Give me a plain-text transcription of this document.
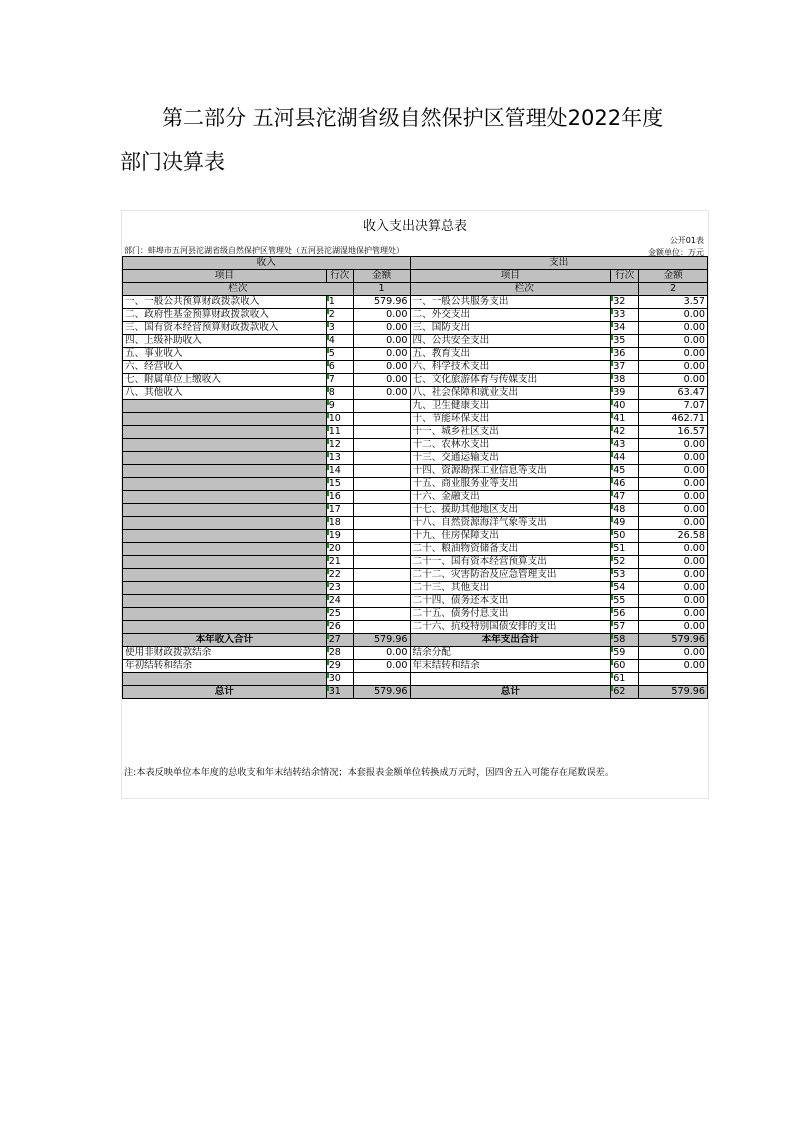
第二部分 五河县沱湖省级自然保护区管理处2022年度
部门决算表
收入支出决算总表
公开01表
部门：蚌埠市五河县沱湖省级自然保护区管理处（五河县沱湖湿地保护管理处）	金额单位：万元
收入			支出		
项目	行次	金额	项目	行次	金额
栏次		1	栏次		2
一、一般公共预算财政拨款收入	1	579.96	一、一般公共服务支出	32	3.57
二、政府性基金预算财政拨款收入	2	0.00	二、外交支出	33	0.00
三、国有资本经营预算财政拨款收入	3	0.00	三、国防支出	34	0.00
四、上级补助收入	4	0.00	四、公共安全支出	35	0.00
五、事业收入	5	0.00	五、教育支出	36	0.00
六、经营收入	6	0.00	六、科学技术支出	37	0.00
七、附属单位上缴收入	7	0.00	七、文化旅游体育与传媒支出	38	0.00
八、其他收入	8	0.00	八、社会保障和就业支出	39	63.47
	9		九、卫生健康支出	40	7.07
	10		十、节能环保支出	41	462.71
	11		十一、城乡社区支出	42	16.57
	12		十二、农林水支出	43	0.00
	13		十三、交通运输支出	44	0.00
	14		十四、资源勘探工业信息等支出	45	0.00
	15		十五、商业服务业等支出	46	0.00
	16		十六、金融支出	47	0.00
	17		十七、援助其他地区支出	48	0.00
	18		十八、自然资源海洋气象等支出	49	0.00
	19		十九、住房保障支出	50	26.58
	20		二十、粮油物资储备支出	51	0.00
	21		二十一、国有资本经营预算支出	52	0.00
	22		二十二、灾害防治及应急管理支出	53	0.00
	23		二十三、其他支出	54	0.00
	24		二十四、债务还本支出	55	0.00
	25		二十五、债务付息支出	56	0.00
	26		二十六、抗疫特别国债安排的支出	57	0.00
本年收入合计	27	579.96	本年支出合计	58	579.96
使用非财政拨款结余	28	0.00	结余分配	59	0.00
年初结转和结余	29	0.00	年末结转和结余	60	0.00
	30			61	
总计	31	579.96	总计	62	579.96
注:本表反映单位本年度的总收支和年末结转结余情况；本套报表金额单位转换成万元时，因四舍五入可能存在尾数误差。
